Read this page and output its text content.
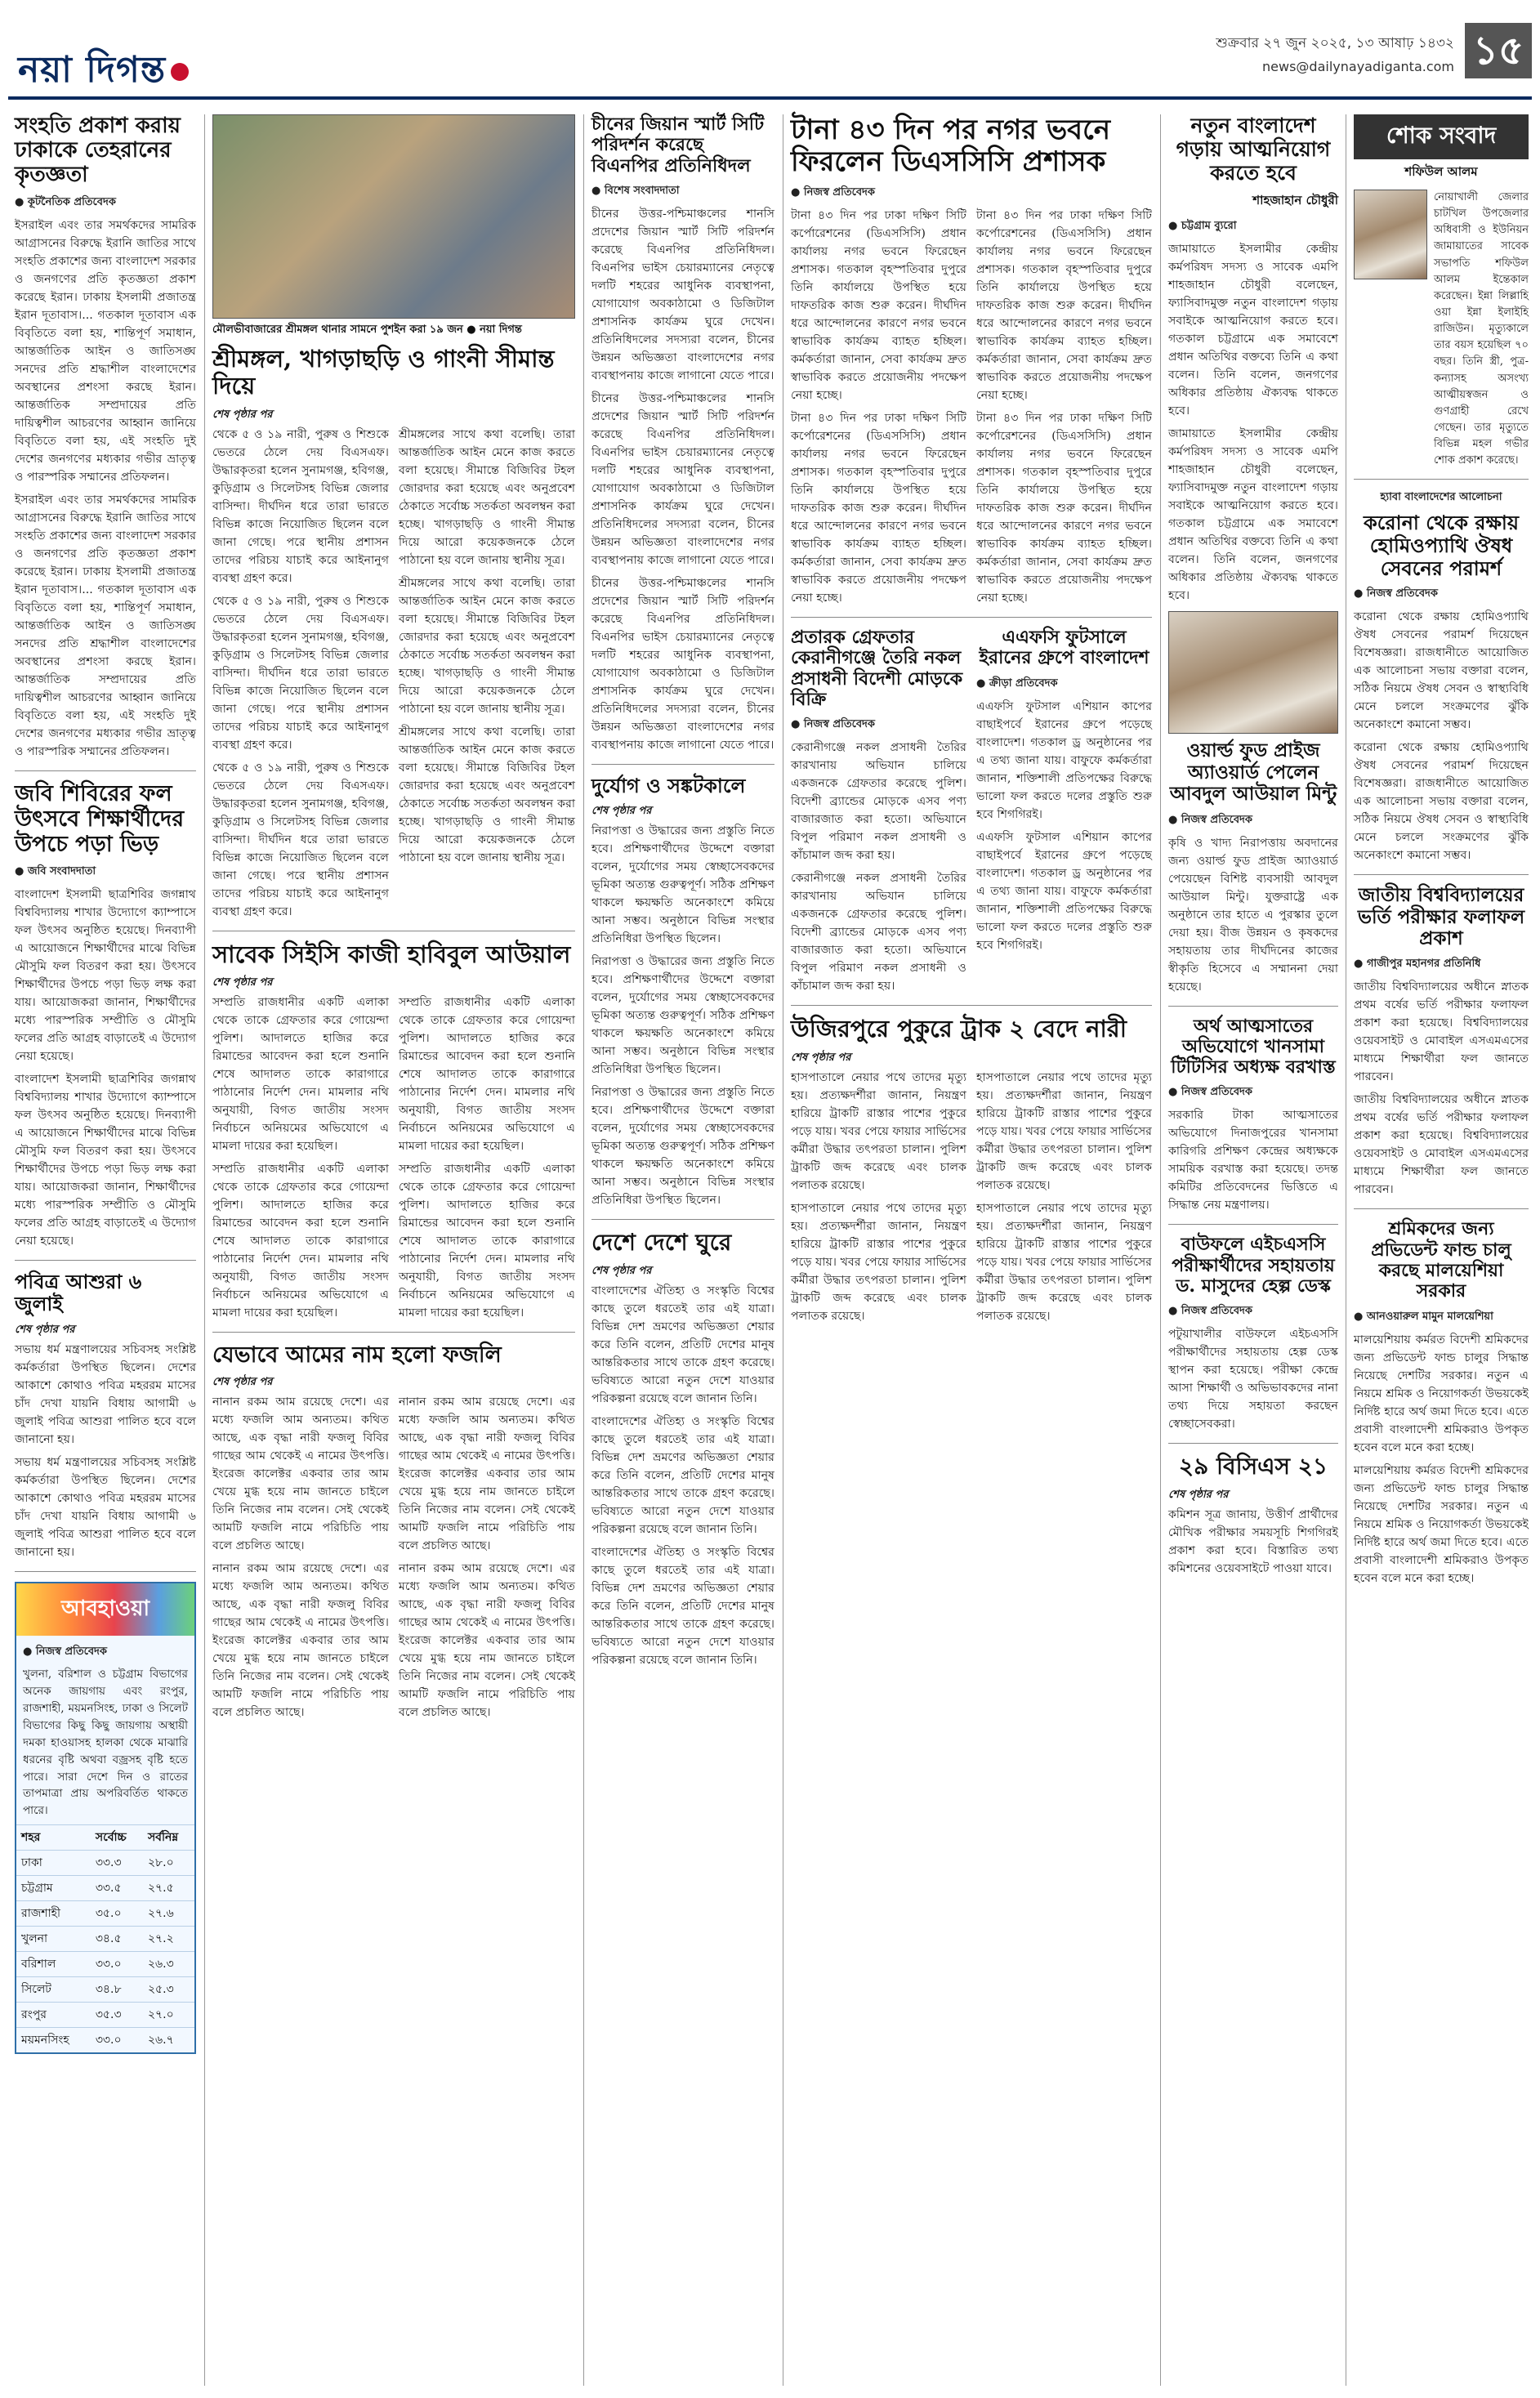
নয়া দিগন্ত
শুক্রবার ২৭ জুন ২০২৫, ১৩ আষাঢ় ১৪৩২
news@dailynayadiganta.com ১৫
সংহতি প্রকাশ করায় ঢাকাকে তেহরানের কৃতজ্ঞতা
● কূটনৈতিক প্রতিবেদক
ইসরাইল এবং তার সমর্থকদের সামরিক আগ্রাসনের বিরুদ্ধে ইরানি জাতির সাথে সংহতি প্রকাশের জন্য বাংলাদেশ সরকার ও জনগণের প্রতি কৃতজ্ঞতা প্রকাশ করেছে ইরান। ঢাকায় ইসলামী প্রজাতন্ত্র ইরান দূতাবাস।... গতকাল দূতাবাস এক বিবৃতিতে বলা হয়, শান্তিপূর্ণ সমাধান, আন্তর্জাতিক আইন ও জাতিসঙ্ঘ সনদের প্রতি শ্রদ্ধাশীল বাংলাদেশের অবস্থানের প্রশংসা করছে ইরান। আন্তর্জাতিক সম্প্রদায়ের প্রতি দায়িত্বশীল আচরণের আহ্বান জানিয়ে বিবৃতিতে বলা হয়, এই সংহতি দুই দেশের জনগণের মধ্যকার গভীর ভ্রাতৃত্ব ও পারস্পরিক সম্মানের প্রতিফলন।
ইসরাইল এবং তার সমর্থকদের সামরিক আগ্রাসনের বিরুদ্ধে ইরানি জাতির সাথে সংহতি প্রকাশের জন্য বাংলাদেশ সরকার ও জনগণের প্রতি কৃতজ্ঞতা প্রকাশ করেছে ইরান। ঢাকায় ইসলামী প্রজাতন্ত্র ইরান দূতাবাস।... গতকাল দূতাবাস এক বিবৃতিতে বলা হয়, শান্তিপূর্ণ সমাধান, আন্তর্জাতিক আইন ও জাতিসঙ্ঘ সনদের প্রতি শ্রদ্ধাশীল বাংলাদেশের অবস্থানের প্রশংসা করছে ইরান। আন্তর্জাতিক সম্প্রদায়ের প্রতি দায়িত্বশীল আচরণের আহ্বান জানিয়ে বিবৃতিতে বলা হয়, এই সংহতি দুই দেশের জনগণের মধ্যকার গভীর ভ্রাতৃত্ব ও পারস্পরিক সম্মানের প্রতিফলন।
জবি শিবিরের ফল উৎসবে শিক্ষার্থীদের উপচে পড়া ভিড়
● জবি সংবাদদাতা
বাংলাদেশ ইসলামী ছাত্রশিবির জগন্নাথ বিশ্ববিদ্যালয় শাখার উদ্যোগে ক্যাম্পাসে ফল উৎসব অনুষ্ঠিত হয়েছে। দিনব্যাপী এ আয়োজনে শিক্ষার্থীদের মাঝে বিভিন্ন মৌসুমি ফল বিতরণ করা হয়। উৎসবে শিক্ষার্থীদের উপচে পড়া ভিড় লক্ষ করা যায়। আয়োজকরা জানান, শিক্ষার্থীদের মধ্যে পারস্পরিক সম্প্রীতি ও মৌসুমি ফলের প্রতি আগ্রহ বাড়াতেই এ উদ্যোগ নেয়া হয়েছে।
বাংলাদেশ ইসলামী ছাত্রশিবির জগন্নাথ বিশ্ববিদ্যালয় শাখার উদ্যোগে ক্যাম্পাসে ফল উৎসব অনুষ্ঠিত হয়েছে। দিনব্যাপী এ আয়োজনে শিক্ষার্থীদের মাঝে বিভিন্ন মৌসুমি ফল বিতরণ করা হয়। উৎসবে শিক্ষার্থীদের উপচে পড়া ভিড় লক্ষ করা যায়। আয়োজকরা জানান, শিক্ষার্থীদের মধ্যে পারস্পরিক সম্প্রীতি ও মৌসুমি ফলের প্রতি আগ্রহ বাড়াতেই এ উদ্যোগ নেয়া হয়েছে।
পবিত্র আশুরা ৬ জুলাই
শেষ পৃষ্ঠার পর
সভায় ধর্ম মন্ত্রণালয়ের সচিবসহ সংশ্লিষ্ট কর্মকর্তারা উপস্থিত ছিলেন। দেশের আকাশে কোথাও পবিত্র মহররম মাসের চাঁদ দেখা যায়নি বিধায় আগামী ৬ জুলাই পবিত্র আশুরা পালিত হবে বলে জানানো হয়।
সভায় ধর্ম মন্ত্রণালয়ের সচিবসহ সংশ্লিষ্ট কর্মকর্তারা উপস্থিত ছিলেন। দেশের আকাশে কোথাও পবিত্র মহররম মাসের চাঁদ দেখা যায়নি বিধায় আগামী ৬ জুলাই পবিত্র আশুরা পালিত হবে বলে জানানো হয়।
আবহাওয়া
● নিজস্ব প্রতিবেদক
খুলনা, বরিশাল ও চট্টগ্রাম বিভাগের অনেক জায়গায় এবং রংপুর, রাজশাহী, ময়মনসিংহ, ঢাকা ও সিলেট বিভাগের কিছু কিছু জায়গায় অস্থায়ী দমকা হাওয়াসহ হালকা থেকে মাঝারি ধরনের বৃষ্টি অথবা বজ্রসহ বৃষ্টি হতে পারে। সারা দেশে দিন ও রাতের তাপমাত্রা প্রায় অপরিবর্তিত থাকতে পারে।
শহর	সর্বোচ্চ	সর্বনিম্ন
ঢাকা	৩৩.৩	২৮.০
চট্টগ্রাম	৩৩.৫	২৭.৫
রাজশাহী	৩৫.০	২৭.৬
খুলনা	৩৪.৫	২৭.২
বরিশাল	৩৩.০	২৬.৩
সিলেট	৩৪.৮	২৫.৩
রংপুর	৩৫.৩	২৭.০
ময়মনসিংহ	৩৩.০	২৬.৭
মৌলভীবাজারের শ্রীমঙ্গল থানার সামনে পুশইন করা ১৯ জন ● নয়া দিগন্ত
শ্রীমঙ্গল, খাগড়াছড়ি ও গাংনী সীমান্ত দিয়ে
শেষ পৃষ্ঠার পর
থেকে ৫ ও ১৯ নারী, পুরুষ ও শিশুকে ভেতরে ঠেলে দেয় বিএসএফ। উদ্ধারকৃতরা হলেন সুনামগঞ্জ, হবিগঞ্জ, কুড়িগ্রাম ও সিলেটসহ বিভিন্ন জেলার বাসিন্দা। দীর্ঘদিন ধরে তারা ভারতে বিভিন্ন কাজে নিয়োজিত ছিলেন বলে জানা গেছে। পরে স্থানীয় প্রশাসন তাদের পরিচয় যাচাই করে আইনানুগ ব্যবস্থা গ্রহণ করে।
থেকে ৫ ও ১৯ নারী, পুরুষ ও শিশুকে ভেতরে ঠেলে দেয় বিএসএফ। উদ্ধারকৃতরা হলেন সুনামগঞ্জ, হবিগঞ্জ, কুড়িগ্রাম ও সিলেটসহ বিভিন্ন জেলার বাসিন্দা। দীর্ঘদিন ধরে তারা ভারতে বিভিন্ন কাজে নিয়োজিত ছিলেন বলে জানা গেছে। পরে স্থানীয় প্রশাসন তাদের পরিচয় যাচাই করে আইনানুগ ব্যবস্থা গ্রহণ করে।
থেকে ৫ ও ১৯ নারী, পুরুষ ও শিশুকে ভেতরে ঠেলে দেয় বিএসএফ। উদ্ধারকৃতরা হলেন সুনামগঞ্জ, হবিগঞ্জ, কুড়িগ্রাম ও সিলেটসহ বিভিন্ন জেলার বাসিন্দা। দীর্ঘদিন ধরে তারা ভারতে বিভিন্ন কাজে নিয়োজিত ছিলেন বলে জানা গেছে। পরে স্থানীয় প্রশাসন তাদের পরিচয় যাচাই করে আইনানুগ ব্যবস্থা গ্রহণ করে।
শ্রীমঙ্গলের সাথে কথা বলেছি। তারা আন্তর্জাতিক আইন মেনে কাজ করতে বলা হয়েছে। সীমান্তে বিজিবির টহল জোরদার করা হয়েছে এবং অনুপ্রবেশ ঠেকাতে সর্বোচ্চ সতর্কতা অবলম্বন করা হচ্ছে। খাগড়াছড়ি ও গাংনী সীমান্ত দিয়ে আরো কয়েকজনকে ঠেলে পাঠানো হয় বলে জানায় স্থানীয় সূত্র।
শ্রীমঙ্গলের সাথে কথা বলেছি। তারা আন্তর্জাতিক আইন মেনে কাজ করতে বলা হয়েছে। সীমান্তে বিজিবির টহল জোরদার করা হয়েছে এবং অনুপ্রবেশ ঠেকাতে সর্বোচ্চ সতর্কতা অবলম্বন করা হচ্ছে। খাগড়াছড়ি ও গাংনী সীমান্ত দিয়ে আরো কয়েকজনকে ঠেলে পাঠানো হয় বলে জানায় স্থানীয় সূত্র।
শ্রীমঙ্গলের সাথে কথা বলেছি। তারা আন্তর্জাতিক আইন মেনে কাজ করতে বলা হয়েছে। সীমান্তে বিজিবির টহল জোরদার করা হয়েছে এবং অনুপ্রবেশ ঠেকাতে সর্বোচ্চ সতর্কতা অবলম্বন করা হচ্ছে। খাগড়াছড়ি ও গাংনী সীমান্ত দিয়ে আরো কয়েকজনকে ঠেলে পাঠানো হয় বলে জানায় স্থানীয় সূত্র।
সাবেক সিইসি কাজী হাবিবুল আউয়াল
শেষ পৃষ্ঠার পর
সম্প্রতি রাজধানীর একটি এলাকা থেকে তাকে গ্রেফতার করে গোয়েন্দা পুলিশ। আদালতে হাজির করে রিমান্ডের আবেদন করা হলে শুনানি শেষে আদালত তাকে কারাগারে পাঠানোর নির্দেশ দেন। মামলার নথি অনুযায়ী, বিগত জাতীয় সংসদ নির্বাচনে অনিয়মের অভিযোগে এ মামলা দায়ের করা হয়েছিল।
সম্প্রতি রাজধানীর একটি এলাকা থেকে তাকে গ্রেফতার করে গোয়েন্দা পুলিশ। আদালতে হাজির করে রিমান্ডের আবেদন করা হলে শুনানি শেষে আদালত তাকে কারাগারে পাঠানোর নির্দেশ দেন। মামলার নথি অনুযায়ী, বিগত জাতীয় সংসদ নির্বাচনে অনিয়মের অভিযোগে এ মামলা দায়ের করা হয়েছিল।
সম্প্রতি রাজধানীর একটি এলাকা থেকে তাকে গ্রেফতার করে গোয়েন্দা পুলিশ। আদালতে হাজির করে রিমান্ডের আবেদন করা হলে শুনানি শেষে আদালত তাকে কারাগারে পাঠানোর নির্দেশ দেন। মামলার নথি অনুযায়ী, বিগত জাতীয় সংসদ নির্বাচনে অনিয়মের অভিযোগে এ মামলা দায়ের করা হয়েছিল।
সম্প্রতি রাজধানীর একটি এলাকা থেকে তাকে গ্রেফতার করে গোয়েন্দা পুলিশ। আদালতে হাজির করে রিমান্ডের আবেদন করা হলে শুনানি শেষে আদালত তাকে কারাগারে পাঠানোর নির্দেশ দেন। মামলার নথি অনুযায়ী, বিগত জাতীয় সংসদ নির্বাচনে অনিয়মের অভিযোগে এ মামলা দায়ের করা হয়েছিল।
যেভাবে আমের নাম হলো ফজলি
শেষ পৃষ্ঠার পর
নানান রকম আম রয়েছে দেশে। এর মধ্যে ফজলি আম অন্যতম। কথিত আছে, এক বৃদ্ধা নারী ফজলু বিবির গাছের আম থেকেই এ নামের উৎপত্তি। ইংরেজ কালেক্টর একবার তার আম খেয়ে মুগ্ধ হয়ে নাম জানতে চাইলে তিনি নিজের নাম বলেন। সেই থেকেই আমটি ফজলি নামে পরিচিতি পায় বলে প্রচলিত আছে।
নানান রকম আম রয়েছে দেশে। এর মধ্যে ফজলি আম অন্যতম। কথিত আছে, এক বৃদ্ধা নারী ফজলু বিবির গাছের আম থেকেই এ নামের উৎপত্তি। ইংরেজ কালেক্টর একবার তার আম খেয়ে মুগ্ধ হয়ে নাম জানতে চাইলে তিনি নিজের নাম বলেন। সেই থেকেই আমটি ফজলি নামে পরিচিতি পায় বলে প্রচলিত আছে।
নানান রকম আম রয়েছে দেশে। এর মধ্যে ফজলি আম অন্যতম। কথিত আছে, এক বৃদ্ধা নারী ফজলু বিবির গাছের আম থেকেই এ নামের উৎপত্তি। ইংরেজ কালেক্টর একবার তার আম খেয়ে মুগ্ধ হয়ে নাম জানতে চাইলে তিনি নিজের নাম বলেন। সেই থেকেই আমটি ফজলি নামে পরিচিতি পায় বলে প্রচলিত আছে।
নানান রকম আম রয়েছে দেশে। এর মধ্যে ফজলি আম অন্যতম। কথিত আছে, এক বৃদ্ধা নারী ফজলু বিবির গাছের আম থেকেই এ নামের উৎপত্তি। ইংরেজ কালেক্টর একবার তার আম খেয়ে মুগ্ধ হয়ে নাম জানতে চাইলে তিনি নিজের নাম বলেন। সেই থেকেই আমটি ফজলি নামে পরিচিতি পায় বলে প্রচলিত আছে।
চীনের জিয়ান স্মার্ট সিটি পরিদর্শন করেছে বিএনপির প্রতিনিধিদল
● বিশেষ সংবাদদাতা
চীনের উত্তর-পশ্চিমাঞ্চলের শানসি প্রদেশের জিয়ান স্মার্ট সিটি পরিদর্শন করেছে বিএনপির প্রতিনিধিদল। বিএনপির ভাইস চেয়ারম্যানের নেতৃত্বে দলটি শহরের আধুনিক ব্যবস্থাপনা, যোগাযোগ অবকাঠামো ও ডিজিটাল প্রশাসনিক কার্যক্রম ঘুরে দেখেন। প্রতিনিধিদলের সদস্যরা বলেন, চীনের উন্নয়ন অভিজ্ঞতা বাংলাদেশের নগর ব্যবস্থাপনায় কাজে লাগানো যেতে পারে।
চীনের উত্তর-পশ্চিমাঞ্চলের শানসি প্রদেশের জিয়ান স্মার্ট সিটি পরিদর্শন করেছে বিএনপির প্রতিনিধিদল। বিএনপির ভাইস চেয়ারম্যানের নেতৃত্বে দলটি শহরের আধুনিক ব্যবস্থাপনা, যোগাযোগ অবকাঠামো ও ডিজিটাল প্রশাসনিক কার্যক্রম ঘুরে দেখেন। প্রতিনিধিদলের সদস্যরা বলেন, চীনের উন্নয়ন অভিজ্ঞতা বাংলাদেশের নগর ব্যবস্থাপনায় কাজে লাগানো যেতে পারে।
চীনের উত্তর-পশ্চিমাঞ্চলের শানসি প্রদেশের জিয়ান স্মার্ট সিটি পরিদর্শন করেছে বিএনপির প্রতিনিধিদল। বিএনপির ভাইস চেয়ারম্যানের নেতৃত্বে দলটি শহরের আধুনিক ব্যবস্থাপনা, যোগাযোগ অবকাঠামো ও ডিজিটাল প্রশাসনিক কার্যক্রম ঘুরে দেখেন। প্রতিনিধিদলের সদস্যরা বলেন, চীনের উন্নয়ন অভিজ্ঞতা বাংলাদেশের নগর ব্যবস্থাপনায় কাজে লাগানো যেতে পারে।
দুর্যোগ ও সঙ্কটকালে
শেষ পৃষ্ঠার পর
নিরাপত্তা ও উদ্ধারের জন্য প্রস্তুতি নিতে হবে। প্রশিক্ষণার্থীদের উদ্দেশে বক্তারা বলেন, দুর্যোগের সময় স্বেচ্ছাসেবকদের ভূমিকা অত্যন্ত গুরুত্বপূর্ণ। সঠিক প্রশিক্ষণ থাকলে ক্ষয়ক্ষতি অনেকাংশে কমিয়ে আনা সম্ভব। অনুষ্ঠানে বিভিন্ন সংস্থার প্রতিনিধিরা উপস্থিত ছিলেন।
নিরাপত্তা ও উদ্ধারের জন্য প্রস্তুতি নিতে হবে। প্রশিক্ষণার্থীদের উদ্দেশে বক্তারা বলেন, দুর্যোগের সময় স্বেচ্ছাসেবকদের ভূমিকা অত্যন্ত গুরুত্বপূর্ণ। সঠিক প্রশিক্ষণ থাকলে ক্ষয়ক্ষতি অনেকাংশে কমিয়ে আনা সম্ভব। অনুষ্ঠানে বিভিন্ন সংস্থার প্রতিনিধিরা উপস্থিত ছিলেন।
নিরাপত্তা ও উদ্ধারের জন্য প্রস্তুতি নিতে হবে। প্রশিক্ষণার্থীদের উদ্দেশে বক্তারা বলেন, দুর্যোগের সময় স্বেচ্ছাসেবকদের ভূমিকা অত্যন্ত গুরুত্বপূর্ণ। সঠিক প্রশিক্ষণ থাকলে ক্ষয়ক্ষতি অনেকাংশে কমিয়ে আনা সম্ভব। অনুষ্ঠানে বিভিন্ন সংস্থার প্রতিনিধিরা উপস্থিত ছিলেন।
দেশে দেশে ঘুরে
শেষ পৃষ্ঠার পর
বাংলাদেশের ঐতিহ্য ও সংস্কৃতি বিশ্বের কাছে তুলে ধরতেই তার এই যাত্রা। বিভিন্ন দেশ ভ্রমণের অভিজ্ঞতা শেয়ার করে তিনি বলেন, প্রতিটি দেশের মানুষ আন্তরিকতার সাথে তাকে গ্রহণ করেছে। ভবিষ্যতে আরো নতুন দেশে যাওয়ার পরিকল্পনা রয়েছে বলে জানান তিনি।
বাংলাদেশের ঐতিহ্য ও সংস্কৃতি বিশ্বের কাছে তুলে ধরতেই তার এই যাত্রা। বিভিন্ন দেশ ভ্রমণের অভিজ্ঞতা শেয়ার করে তিনি বলেন, প্রতিটি দেশের মানুষ আন্তরিকতার সাথে তাকে গ্রহণ করেছে। ভবিষ্যতে আরো নতুন দেশে যাওয়ার পরিকল্পনা রয়েছে বলে জানান তিনি।
বাংলাদেশের ঐতিহ্য ও সংস্কৃতি বিশ্বের কাছে তুলে ধরতেই তার এই যাত্রা। বিভিন্ন দেশ ভ্রমণের অভিজ্ঞতা শেয়ার করে তিনি বলেন, প্রতিটি দেশের মানুষ আন্তরিকতার সাথে তাকে গ্রহণ করেছে। ভবিষ্যতে আরো নতুন দেশে যাওয়ার পরিকল্পনা রয়েছে বলে জানান তিনি।
টানা ৪৩ দিন পর নগর ভবনে ফিরলেন ডিএসসিসি প্রশাসক
● নিজস্ব প্রতিবেদক
টানা ৪৩ দিন পর ঢাকা দক্ষিণ সিটি কর্পোরেশনের (ডিএসসিসি) প্রধান কার্যালয় নগর ভবনে ফিরেছেন প্রশাসক। গতকাল বৃহস্পতিবার দুপুরে তিনি কার্যালয়ে উপস্থিত হয়ে দাফতরিক কাজ শুরু করেন। দীর্ঘদিন ধরে আন্দোলনের কারণে নগর ভবনে স্বাভাবিক কার্যক্রম ব্যাহত হচ্ছিল। কর্মকর্তারা জানান, সেবা কার্যক্রম দ্রুত স্বাভাবিক করতে প্রয়োজনীয় পদক্ষেপ নেয়া হচ্ছে।
টানা ৪৩ দিন পর ঢাকা দক্ষিণ সিটি কর্পোরেশনের (ডিএসসিসি) প্রধান কার্যালয় নগর ভবনে ফিরেছেন প্রশাসক। গতকাল বৃহস্পতিবার দুপুরে তিনি কার্যালয়ে উপস্থিত হয়ে দাফতরিক কাজ শুরু করেন। দীর্ঘদিন ধরে আন্দোলনের কারণে নগর ভবনে স্বাভাবিক কার্যক্রম ব্যাহত হচ্ছিল। কর্মকর্তারা জানান, সেবা কার্যক্রম দ্রুত স্বাভাবিক করতে প্রয়োজনীয় পদক্ষেপ নেয়া হচ্ছে।
টানা ৪৩ দিন পর ঢাকা দক্ষিণ সিটি কর্পোরেশনের (ডিএসসিসি) প্রধান কার্যালয় নগর ভবনে ফিরেছেন প্রশাসক। গতকাল বৃহস্পতিবার দুপুরে তিনি কার্যালয়ে উপস্থিত হয়ে দাফতরিক কাজ শুরু করেন। দীর্ঘদিন ধরে আন্দোলনের কারণে নগর ভবনে স্বাভাবিক কার্যক্রম ব্যাহত হচ্ছিল। কর্মকর্তারা জানান, সেবা কার্যক্রম দ্রুত স্বাভাবিক করতে প্রয়োজনীয় পদক্ষেপ নেয়া হচ্ছে।
টানা ৪৩ দিন পর ঢাকা দক্ষিণ সিটি কর্পোরেশনের (ডিএসসিসি) প্রধান কার্যালয় নগর ভবনে ফিরেছেন প্রশাসক। গতকাল বৃহস্পতিবার দুপুরে তিনি কার্যালয়ে উপস্থিত হয়ে দাফতরিক কাজ শুরু করেন। দীর্ঘদিন ধরে আন্দোলনের কারণে নগর ভবনে স্বাভাবিক কার্যক্রম ব্যাহত হচ্ছিল। কর্মকর্তারা জানান, সেবা কার্যক্রম দ্রুত স্বাভাবিক করতে প্রয়োজনীয় পদক্ষেপ নেয়া হচ্ছে।
প্রতারক গ্রেফতার কেরানীগঞ্জে তৈরি নকল প্রসাধনী বিদেশী মোড়কে বিক্রি
● নিজস্ব প্রতিবেদক
কেরানীগঞ্জে নকল প্রসাধনী তৈরির কারখানায় অভিযান চালিয়ে একজনকে গ্রেফতার করেছে পুলিশ। বিদেশী ব্র্যান্ডের মোড়কে এসব পণ্য বাজারজাত করা হতো। অভিযানে বিপুল পরিমাণ নকল প্রসাধনী ও কাঁচামাল জব্দ করা হয়।
কেরানীগঞ্জে নকল প্রসাধনী তৈরির কারখানায় অভিযান চালিয়ে একজনকে গ্রেফতার করেছে পুলিশ। বিদেশী ব্র্যান্ডের মোড়কে এসব পণ্য বাজারজাত করা হতো। অভিযানে বিপুল পরিমাণ নকল প্রসাধনী ও কাঁচামাল জব্দ করা হয়।
এএফসি ফুটসালে ইরানের গ্রুপে বাংলাদেশ
● ক্রীড়া প্রতিবেদক
এএফসি ফুটসাল এশিয়ান কাপের বাছাইপর্বে ইরানের গ্রুপে পড়েছে বাংলাদেশ। গতকাল ড্র অনুষ্ঠানের পর এ তথ্য জানা যায়। বাফুফে কর্মকর্তারা জানান, শক্তিশালী প্রতিপক্ষের বিরুদ্ধে ভালো ফল করতে দলের প্রস্তুতি শুরু হবে শিগগিরই।
এএফসি ফুটসাল এশিয়ান কাপের বাছাইপর্বে ইরানের গ্রুপে পড়েছে বাংলাদেশ। গতকাল ড্র অনুষ্ঠানের পর এ তথ্য জানা যায়। বাফুফে কর্মকর্তারা জানান, শক্তিশালী প্রতিপক্ষের বিরুদ্ধে ভালো ফল করতে দলের প্রস্তুতি শুরু হবে শিগগিরই।
উজিরপুরে পুকুরে ট্রাক ২ বেদে নারী
শেষ পৃষ্ঠার পর
হাসপাতালে নেয়ার পথে তাদের মৃত্যু হয়। প্রত্যক্ষদর্শীরা জানান, নিয়ন্ত্রণ হারিয়ে ট্রাকটি রাস্তার পাশের পুকুরে পড়ে যায়। খবর পেয়ে ফায়ার সার্ভিসের কর্মীরা উদ্ধার তৎপরতা চালান। পুলিশ ট্রাকটি জব্দ করেছে এবং চালক পলাতক রয়েছে।
হাসপাতালে নেয়ার পথে তাদের মৃত্যু হয়। প্রত্যক্ষদর্শীরা জানান, নিয়ন্ত্রণ হারিয়ে ট্রাকটি রাস্তার পাশের পুকুরে পড়ে যায়। খবর পেয়ে ফায়ার সার্ভিসের কর্মীরা উদ্ধার তৎপরতা চালান। পুলিশ ট্রাকটি জব্দ করেছে এবং চালক পলাতক রয়েছে।
হাসপাতালে নেয়ার পথে তাদের মৃত্যু হয়। প্রত্যক্ষদর্শীরা জানান, নিয়ন্ত্রণ হারিয়ে ট্রাকটি রাস্তার পাশের পুকুরে পড়ে যায়। খবর পেয়ে ফায়ার সার্ভিসের কর্মীরা উদ্ধার তৎপরতা চালান। পুলিশ ট্রাকটি জব্দ করেছে এবং চালক পলাতক রয়েছে।
হাসপাতালে নেয়ার পথে তাদের মৃত্যু হয়। প্রত্যক্ষদর্শীরা জানান, নিয়ন্ত্রণ হারিয়ে ট্রাকটি রাস্তার পাশের পুকুরে পড়ে যায়। খবর পেয়ে ফায়ার সার্ভিসের কর্মীরা উদ্ধার তৎপরতা চালান। পুলিশ ট্রাকটি জব্দ করেছে এবং চালক পলাতক রয়েছে।
নতুন বাংলাদেশ গড়ায় আত্মনিয়োগ করতে হবে
শাহজাহান চৌধুরী
● চট্টগ্রাম ব্যুরো
জামায়াতে ইসলামীর কেন্দ্রীয় কর্মপরিষদ সদস্য ও সাবেক এমপি শাহজাহান চৌধুরী বলেছেন, ফ্যাসিবাদমুক্ত নতুন বাংলাদেশ গড়ায় সবাইকে আত্মনিয়োগ করতে হবে। গতকাল চট্টগ্রামে এক সমাবেশে প্রধান অতিথির বক্তব্যে তিনি এ কথা বলেন। তিনি বলেন, জনগণের অধিকার প্রতিষ্ঠায় ঐক্যবদ্ধ থাকতে হবে।
জামায়াতে ইসলামীর কেন্দ্রীয় কর্মপরিষদ সদস্য ও সাবেক এমপি শাহজাহান চৌধুরী বলেছেন, ফ্যাসিবাদমুক্ত নতুন বাংলাদেশ গড়ায় সবাইকে আত্মনিয়োগ করতে হবে। গতকাল চট্টগ্রামে এক সমাবেশে প্রধান অতিথির বক্তব্যে তিনি এ কথা বলেন। তিনি বলেন, জনগণের অধিকার প্রতিষ্ঠায় ঐক্যবদ্ধ থাকতে হবে।
ওয়ার্ল্ড ফুড প্রাইজ অ্যাওয়ার্ড পেলেন আবদুল আউয়াল মিন্টু
● নিজস্ব প্রতিবেদক
কৃষি ও খাদ্য নিরাপত্তায় অবদানের জন্য ওয়ার্ল্ড ফুড প্রাইজ অ্যাওয়ার্ড পেয়েছেন বিশিষ্ট ব্যবসায়ী আবদুল আউয়াল মিন্টু। যুক্তরাষ্ট্রে এক অনুষ্ঠানে তার হাতে এ পুরস্কার তুলে দেয়া হয়। বীজ উন্নয়ন ও কৃষকদের সহায়তায় তার দীর্ঘদিনের কাজের স্বীকৃতি হিসেবে এ সম্মাননা দেয়া হয়েছে।
অর্থ আত্মসাতের অভিযোগে খানসামা টিটিসির অধ্যক্ষ বরখাস্ত
● নিজস্ব প্রতিবেদক
সরকারি টাকা আত্মসাতের অভিযোগে দিনাজপুরের খানসামা কারিগরি প্রশিক্ষণ কেন্দ্রের অধ্যক্ষকে সাময়িক বরখাস্ত করা হয়েছে। তদন্ত কমিটির প্রতিবেদনের ভিত্তিতে এ সিদ্ধান্ত নেয় মন্ত্রণালয়।
বাউফলে এইচএসসি পরীক্ষার্থীদের সহায়তায় ড. মাসুদের হেল্প ডেস্ক
● নিজস্ব প্রতিবেদক
পটুয়াখালীর বাউফলে এইচএসসি পরীক্ষার্থীদের সহায়তায় হেল্প ডেস্ক স্থাপন করা হয়েছে। পরীক্ষা কেন্দ্রে আসা শিক্ষার্থী ও অভিভাবকদের নানা তথ্য দিয়ে সহায়তা করছেন স্বেচ্ছাসেবকরা।
২৯ বিসিএস ২১
শেষ পৃষ্ঠার পর
কমিশন সূত্র জানায়, উত্তীর্ণ প্রার্থীদের মৌখিক পরীক্ষার সময়সূচি শিগগিরই প্রকাশ করা হবে। বিস্তারিত তথ্য কমিশনের ওয়েবসাইটে পাওয়া যাবে।
শোক সংবাদ
শফিউল আলম
নোয়াখালী জেলার চাটখিল উপজেলার অধিবাসী ও ইউনিয়ন জামায়াতের সাবেক সভাপতি শফিউল আলম ইন্তেকাল করেছেন। ইন্না লিল্লাহি ওয়া ইন্না ইলাইহি রাজিউন। মৃত্যুকালে তার বয়স হয়েছিল ৭০ বছর। তিনি স্ত্রী, পুত্র-কন্যাসহ অসংখ্য আত্মীয়স্বজন ও গুণগ্রাহী রেখে গেছেন। তার মৃত্যুতে বিভিন্ন মহল গভীর শোক প্রকাশ করেছে।
হ্যাবা বাংলাদেশের আলোচনা
করোনা থেকে রক্ষায় হোমিওপ্যাথি ঔষধ সেবনের পরামর্শ
● নিজস্ব প্রতিবেদক
করোনা থেকে রক্ষায় হোমিওপ্যাথি ঔষধ সেবনের পরামর্শ দিয়েছেন বিশেষজ্ঞরা। রাজধানীতে আয়োজিত এক আলোচনা সভায় বক্তারা বলেন, সঠিক নিয়মে ঔষধ সেবন ও স্বাস্থ্যবিধি মেনে চললে সংক্রমণের ঝুঁকি অনেকাংশে কমানো সম্ভব।
করোনা থেকে রক্ষায় হোমিওপ্যাথি ঔষধ সেবনের পরামর্শ দিয়েছেন বিশেষজ্ঞরা। রাজধানীতে আয়োজিত এক আলোচনা সভায় বক্তারা বলেন, সঠিক নিয়মে ঔষধ সেবন ও স্বাস্থ্যবিধি মেনে চললে সংক্রমণের ঝুঁকি অনেকাংশে কমানো সম্ভব।
জাতীয় বিশ্ববিদ্যালয়ের ভর্তি পরীক্ষার ফলাফল প্রকাশ
● গাজীপুর মহানগর প্রতিনিধি
জাতীয় বিশ্ববিদ্যালয়ের অধীনে স্নাতক প্রথম বর্ষের ভর্তি পরীক্ষার ফলাফল প্রকাশ করা হয়েছে। বিশ্ববিদ্যালয়ের ওয়েবসাইট ও মোবাইল এসএমএসের মাধ্যমে শিক্ষার্থীরা ফল জানতে পারবেন।
জাতীয় বিশ্ববিদ্যালয়ের অধীনে স্নাতক প্রথম বর্ষের ভর্তি পরীক্ষার ফলাফল প্রকাশ করা হয়েছে। বিশ্ববিদ্যালয়ের ওয়েবসাইট ও মোবাইল এসএমএসের মাধ্যমে শিক্ষার্থীরা ফল জানতে পারবেন।
শ্রমিকদের জন্য প্রভিডেন্ট ফান্ড চালু করছে মালয়েশিয়া সরকার
● আনওয়ারুল মামুন মালয়েশিয়া
মালয়েশিয়ায় কর্মরত বিদেশী শ্রমিকদের জন্য প্রভিডেন্ট ফান্ড চালুর সিদ্ধান্ত নিয়েছে দেশটির সরকার। নতুন এ নিয়মে শ্রমিক ও নিয়োগকর্তা উভয়কেই নির্দিষ্ট হারে অর্থ জমা দিতে হবে। এতে প্রবাসী বাংলাদেশী শ্রমিকরাও উপকৃত হবেন বলে মনে করা হচ্ছে।
মালয়েশিয়ায় কর্মরত বিদেশী শ্রমিকদের জন্য প্রভিডেন্ট ফান্ড চালুর সিদ্ধান্ত নিয়েছে দেশটির সরকার। নতুন এ নিয়মে শ্রমিক ও নিয়োগকর্তা উভয়কেই নির্দিষ্ট হারে অর্থ জমা দিতে হবে। এতে প্রবাসী বাংলাদেশী শ্রমিকরাও উপকৃত হবেন বলে মনে করা হচ্ছে।
